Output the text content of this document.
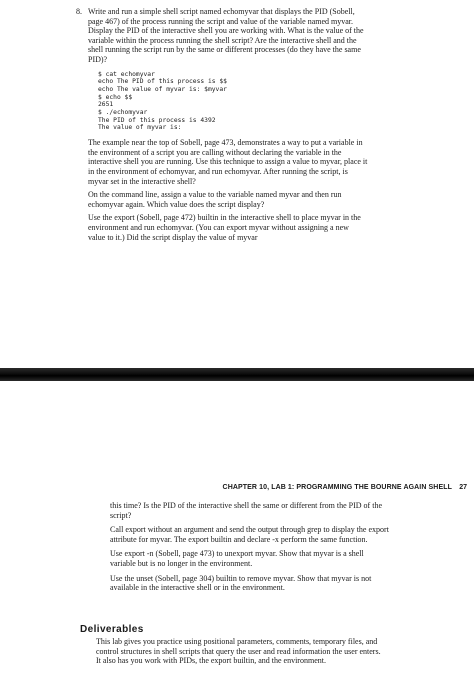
8. Write and run a simple shell script named echomyvar that displays the PID (Sobell, page 467) of the process running the script and value of the variable named myvar. Display the PID of the interactive shell you are working with. What is the value of the variable within the process running the shell script? Are the interactive shell and the shell running the script run by the same or different processes (do they have the same PID)?

$ cat echomyvar
echo The PID of this process is $$
echo The value of myvar is: $myvar
$ echo $$
2651
$ ./echomyvar
The PID of this process is 4392
The value of myvar is:

The example near the top of Sobell, page 473, demonstrates a way to put a variable in the environment of a script you are calling without declaring the variable in the interactive shell you are running. Use this technique to assign a value to myvar, place it in the environment of echomyvar, and run echomyvar. After running the script, is myvar set in the interactive shell?

On the command line, assign a value to the variable named myvar and then run echomyvar again. Which value does the script display?

Use the export (Sobell, page 472) builtin in the interactive shell to place myvar in the environment and run echomyvar. (You can export myvar without assigning a new value to it.) Did the script display the value of myvar

CHAPTER 10, LAB 1: PROGRAMMING THE BOURNE AGAIN SHELL 27

this time? Is the PID of the interactive shell the same or different from the PID of the script?

Call export without an argument and send the output through grep to display the export attribute for myvar. The export builtin and declare -x perform the same function.

Use export -n (Sobell, page 473) to unexport myvar. Show that myvar is a shell variable but is no longer in the environment.

Use the unset (Sobell, page 304) builtin to remove myvar. Show that myvar is not available in the interactive shell or in the environment.

Deliverables
This lab gives you practice using positional parameters, comments, temporary files, and control structures in shell scripts that query the user and read information the user enters. It also has you work with PIDs, the export builtin, and the environment.
